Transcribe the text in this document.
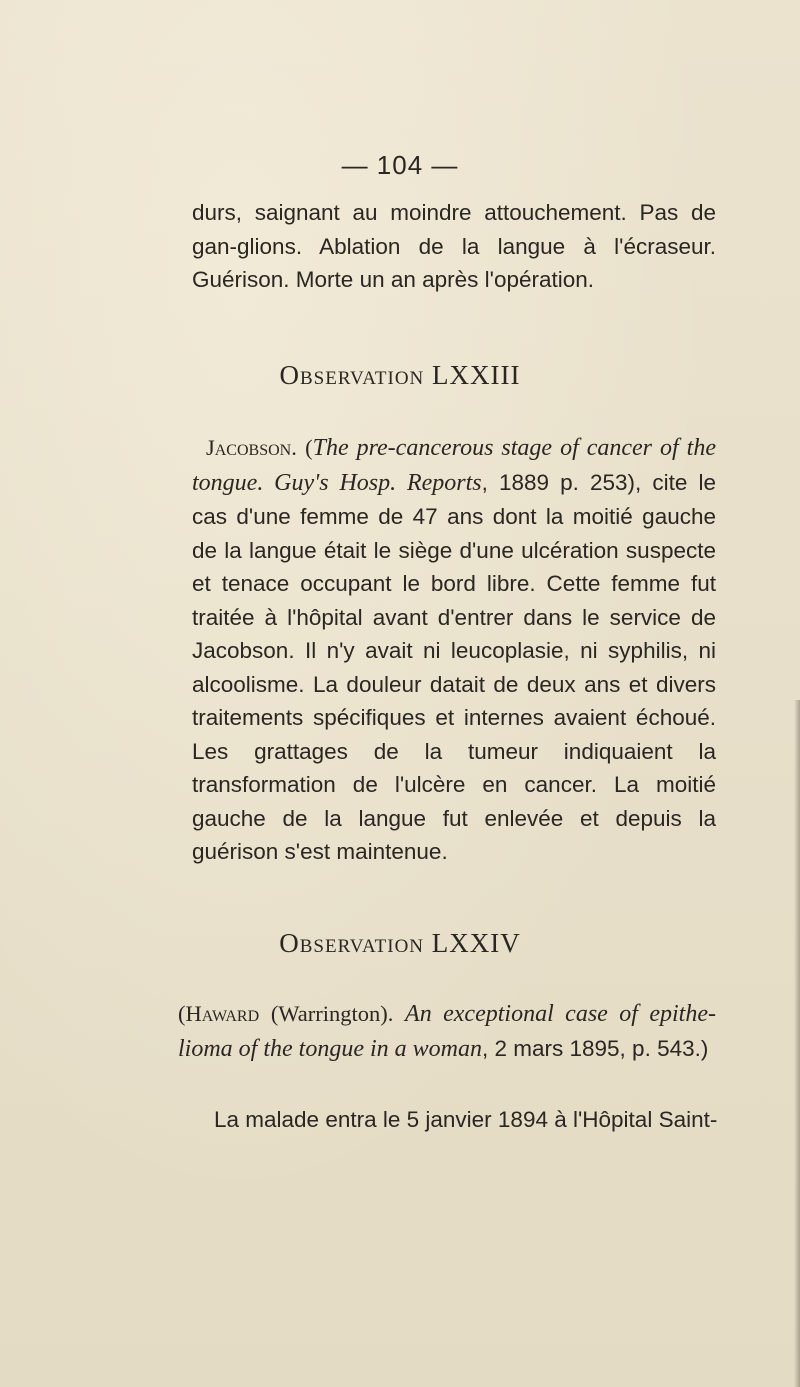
— 104 —

durs, saignant au moindre attouchement. Pas de gan-glions. Ablation de la langue à l'écraseur. Guérison. Morte un an après l'opération.

Observation LXXIII

Jacobson. (The pre-cancerous stage of cancer of the tongue. Guy's Hosp. Reports, 1889 p. 253), cite le cas d'une femme de 47 ans dont la moitié gauche de la langue était le siège d'une ulcération suspecte et tenace occupant le bord libre. Cette femme fut traitée à l'hôpital avant d'entrer dans le service de Jacobson. Il n'y avait ni leucoplasie, ni syphilis, ni alcoolisme. La douleur datait de deux ans et divers traitements spécifiques et internes avaient échoué. Les grattages de la tumeur indiquaient la transformation de l'ulcère en cancer. La moitié gauche de la langue fut enlevée et depuis la guérison s'est maintenue.

Observation LXXIV

(Haward (Warrington). An exceptional case of epithe-lioma of the tongue in a woman, 2 mars 1895, p. 543.)

La malade entra le 5 janvier 1894 à l'Hôpital Saint-
